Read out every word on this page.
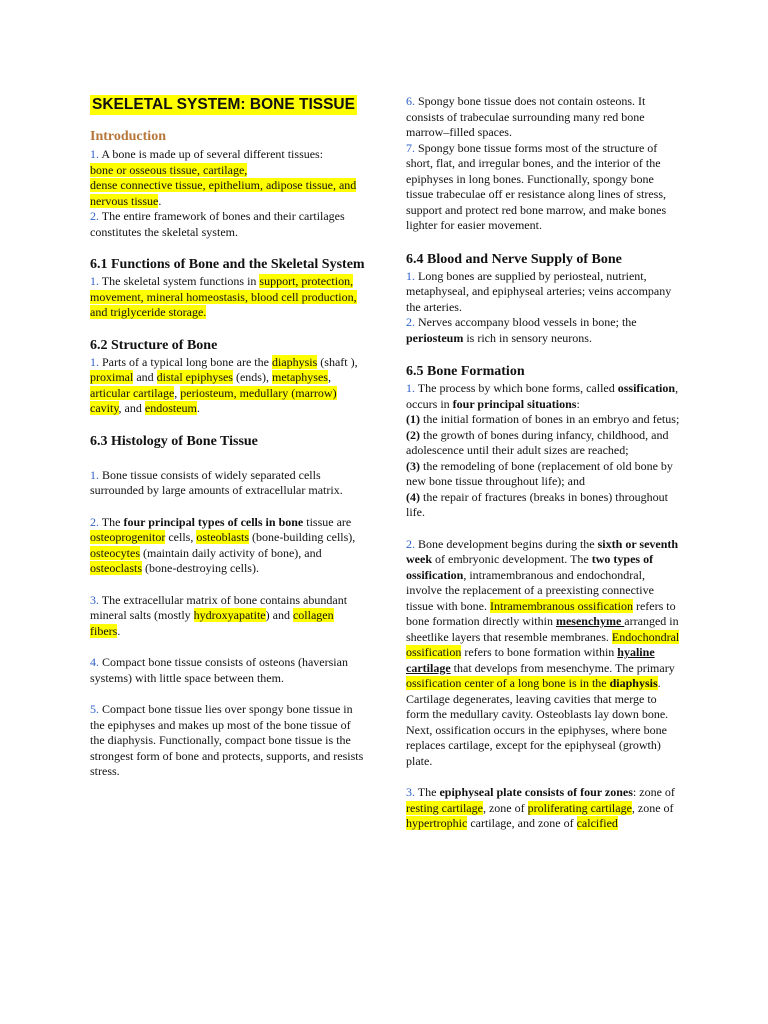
SKELETAL SYSTEM: BONE TISSUE
Introduction

1. A bone is made up of several different tissues:
bone or osseous tissue, cartilage,
dense connective tissue, epithelium, adipose tissue, and nervous tissue.

2. The entire framework of bones and their cartilages constitutes the skeletal system.

6.1 Functions of Bone and the Skeletal System

1. The skeletal system functions in support, protection, movement, mineral homeostasis, blood cell production, and triglyceride storage.

6.2 Structure of Bone

1. Parts of a typical long bone are the diaphysis (shaft ), proximal and distal epiphyses (ends), metaphyses, articular cartilage, periosteum, medullary (marrow) cavity, and endosteum.

6.3 Histology of Bone Tissue

1. Bone tissue consists of widely separated cells surrounded by large amounts of extracellular matrix.

2. The four principal types of cells in bone tissue are osteoprogenitor cells, osteoblasts (bone-building cells), osteocytes (maintain daily activity of bone), and osteoclasts (bone-destroying cells).

3. The extracellular matrix of bone contains abundant mineral salts (mostly hydroxyapatite) and collagen fibers.

4. Compact bone tissue consists of osteons (haversian systems) with little space between them.

5. Compact bone tissue lies over spongy bone tissue in the epiphyses and makes up most of the bone tissue of the diaphysis. Functionally, compact bone tissue is the strongest form of bone and protects, supports, and resists stress.

6. Spongy bone tissue does not contain osteons. It consists of trabeculae surrounding many red bone marrow–filled spaces.

7. Spongy bone tissue forms most of the structure of short, flat, and irregular bones, and the interior of the epiphyses in long bones. Functionally, spongy bone tissue trabeculae off er resistance along lines of stress, support and protect red bone marrow, and make bones lighter for easier movement.

6.4 Blood and Nerve Supply of Bone

1. Long bones are supplied by periosteal, nutrient, metaphyseal, and epiphyseal arteries; veins accompany the arteries.

2. Nerves accompany blood vessels in bone; the periosteum is rich in sensory neurons.

6.5 Bone Formation

1. The process by which bone forms, called ossification, occurs in four principal situations:
(1) the initial formation of bones in an embryo and fetus;
(2) the growth of bones during infancy, childhood, and adolescence until their adult sizes are reached;
(3) the remodeling of bone (replacement of old bone by new bone tissue throughout life); and
(4) the repair of fractures (breaks in bones) throughout life.

2. Bone development begins during the sixth or seventh week of embryonic development. The two types of ossification, intramembranous and endochondral, involve the replacement of a preexisting connective tissue with bone. Intramembranous ossification refers to bone formation directly within mesenchyme arranged in sheetlike layers that resemble membranes. Endochondral ossification refers to bone formation within hyaline cartilage that develops from mesenchyme. The primary ossification center of a long bone is in the diaphysis. Cartilage degenerates, leaving cavities that merge to form the medullary cavity. Osteoblasts lay down bone. Next, ossification occurs in the epiphyses, where bone replaces cartilage, except for the epiphyseal (growth) plate.

3. The epiphyseal plate consists of four zones: zone of resting cartilage, zone of proliferating cartilage, zone of hypertrophic cartilage, and zone of calcified
